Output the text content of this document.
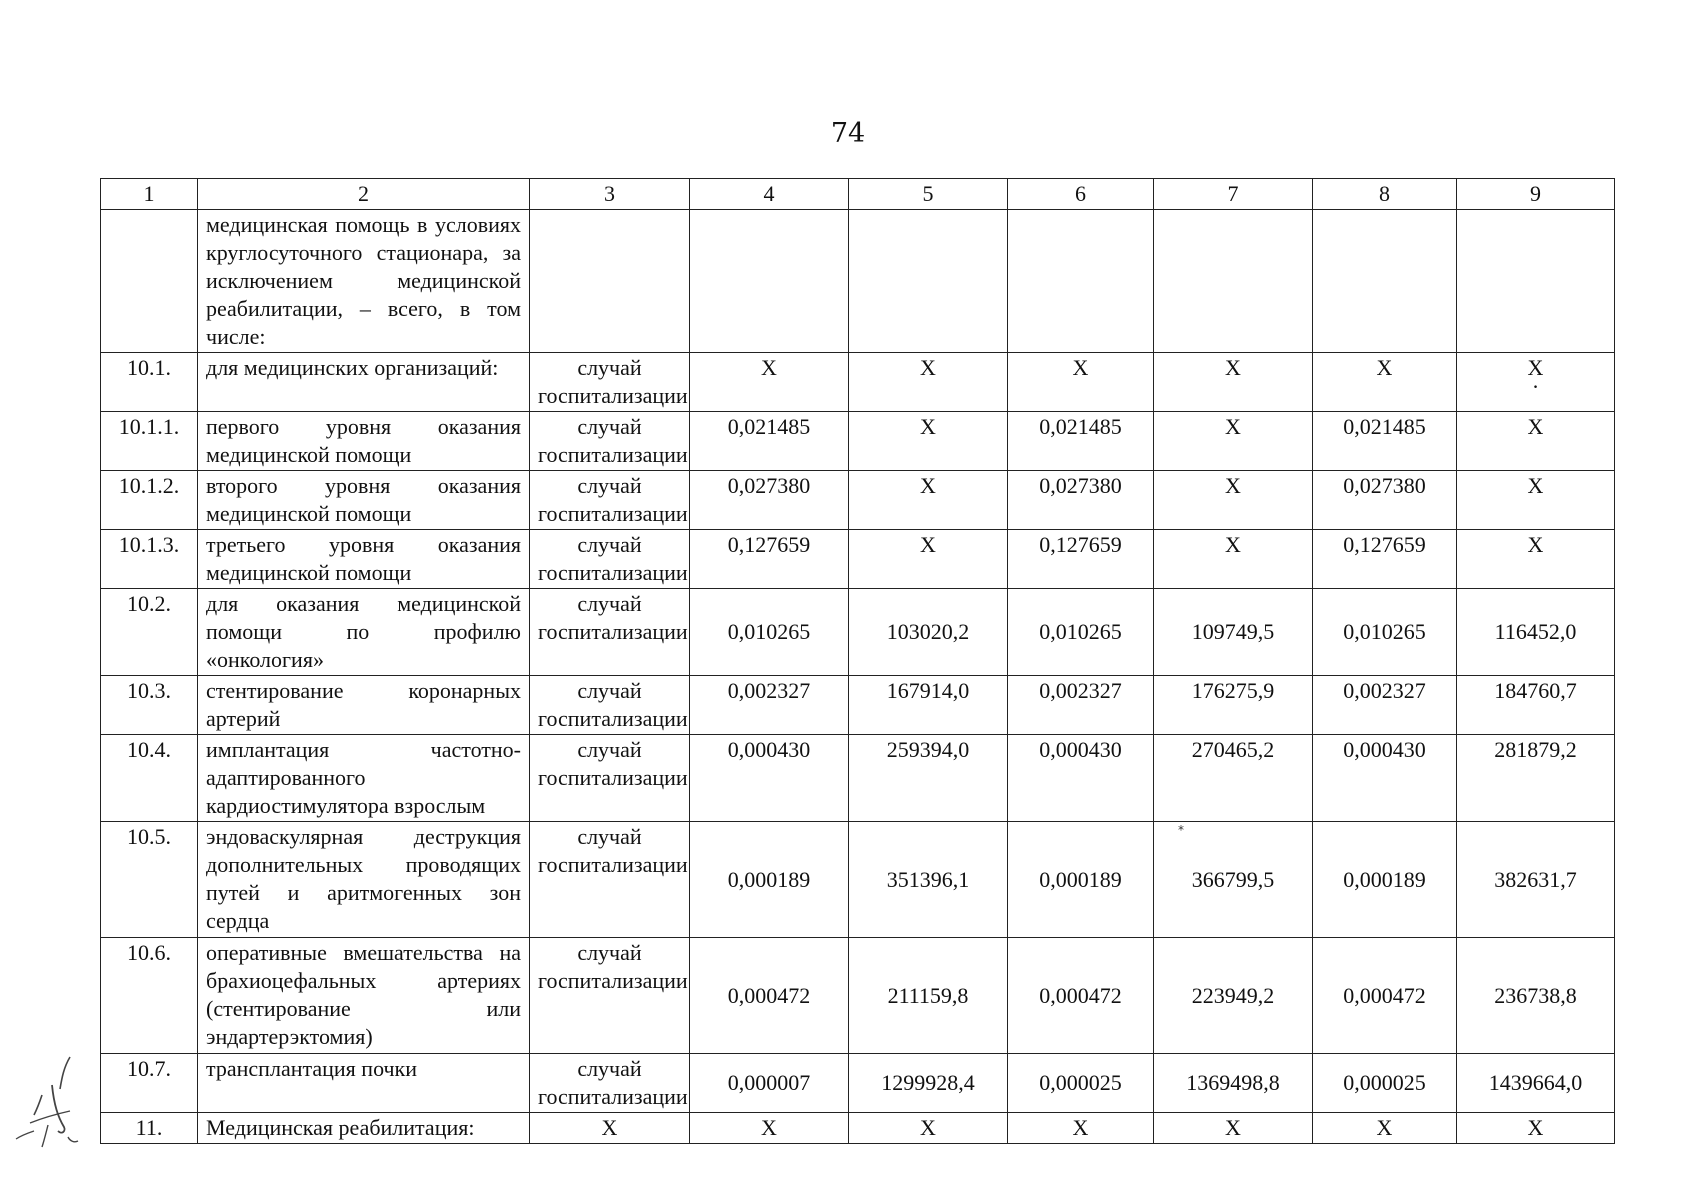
74
1	2	3	4	5	6	7	8	9
	медицинская помощь в условиях круглосуточного стационара, за исключением медицинской реабилитации, – всего, в том числе:							
10.1.	для медицинских организаций:	случай госпитализации	X	X	X	X	X	X
·

10.1.1.	первого уровня оказания медицинской помощи	случай госпитализации	0,021485	X	0,021485	X	0,021485	X
10.1.2.	второго уровня оказания медицинской помощи	случай госпитализации	0,027380	X	0,027380	X	0,027380	X
10.1.3.	третьего уровня оказания медицинской помощи	случай госпитализации	0,127659	X	0,127659	X	0,127659	X
10.2.	для оказания медицинской помощи по профилю «онкология»	случай госпитализации	0,010265	103020,2	0,010265	109749,5	0,010265	116452,0
10.3.	стентирование коронарных артерий	случай госпитализации	0,002327	167914,0	0,002327	176275,9	0,002327	184760,7
10.4.	имплантация частотно-адаптированного кардиостимулятора взрослым	случай госпитализации	0,000430	259394,0	0,000430	270465,2	0,000430	281879,2
10.5.	эндоваскулярная деструкция дополнительных проводящих путей и аритмогенных зон сердца	случай госпитализации	0,000189	351396,1	0,000189	366799,5	0,000189	382631,7
10.6.	оперативные вмешательства на брахиоцефальных артериях (стентирование или эндартерэктомия)	случай госпитализации	0,000472	211159,8	0,000472	223949,2	0,000472	236738,8
10.7.	трансплантация почки	случай госпитализации	0,000007	1299928,4	0,000025	1369498,8	0,000025	1439664,0
11.	Медицинская реабилитация:	X	X	X	X	X	X	X
*
